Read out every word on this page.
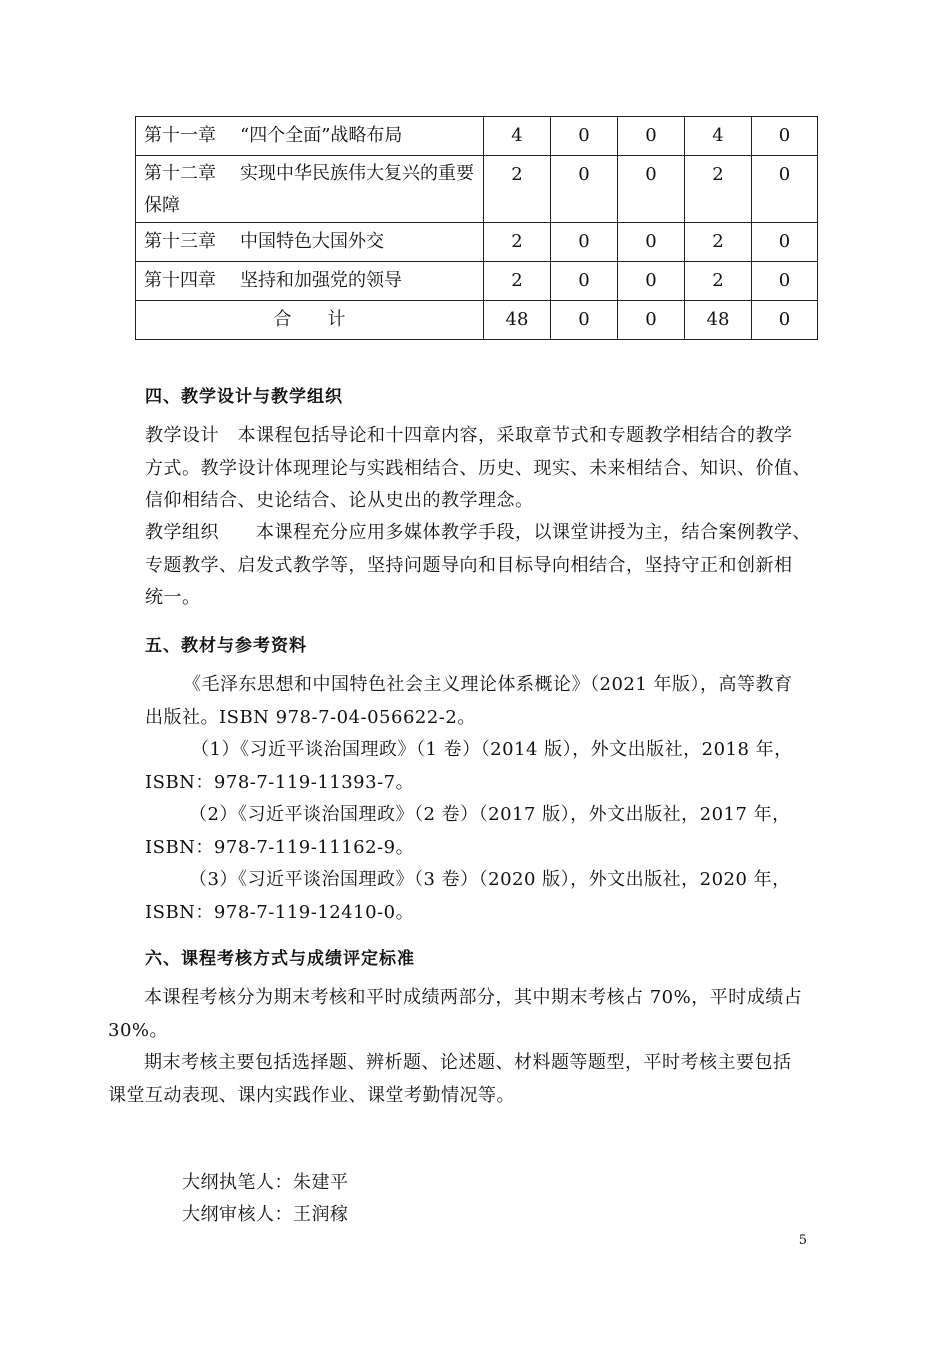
第十一章 “四个全面”战略布局	4	0	0	4	0
第十二章 实现中华民族伟大复兴的重要保障	2	0	0	2	0
第十三章 中国特色大国外交	2	0	0	2	0
第十四章 坚持和加强党的领导	2	0	0	2	0
合　　计	48	0	0	48	0
四、教学设计与教学组织
教学设计　本课程包括导论和十四章内容，采取章节式和专题教学相结合的教学
方式。教学设计体现理论与实践相结合、历史、现实、未来相结合、知识、价值、
信仰相结合、史论结合、论从史出的教学理念。
教学组织　　本课程充分应用多媒体教学手段，以课堂讲授为主，结合案例教学、
专题教学、启发式教学等，坚持问题导向和目标导向相结合，坚持守正和创新相
统一。
五、教材与参考资料
《毛泽东思想和中国特色社会主义理论体系概论》（2021 年版），高等教育
出版社。ISBN 978-7-04-056622-2。
（1）《习近平谈治国理政》（1 卷）（2014 版），外文出版社，2018 年，
ISBN：978-7-119-11393-7。
（2）《习近平谈治国理政》（2 卷）（2017 版），外文出版社，2017 年，
ISBN：978-7-119-11162-9。
（3）《习近平谈治国理政》（3 卷）（2020 版），外文出版社，2020 年，
ISBN：978-7-119-12410-0。
六、课程考核方式与成绩评定标准
本课程考核分为期末考核和平时成绩两部分，其中期末考核占 70%，平时成绩占
30%。
期末考核主要包括选择题、辨析题、论述题、材料题等题型，平时考核主要包括
课堂互动表现、课内实践作业、课堂考勤情况等。
大纲执笔人：朱建平
大纲审核人：王润稼
5
